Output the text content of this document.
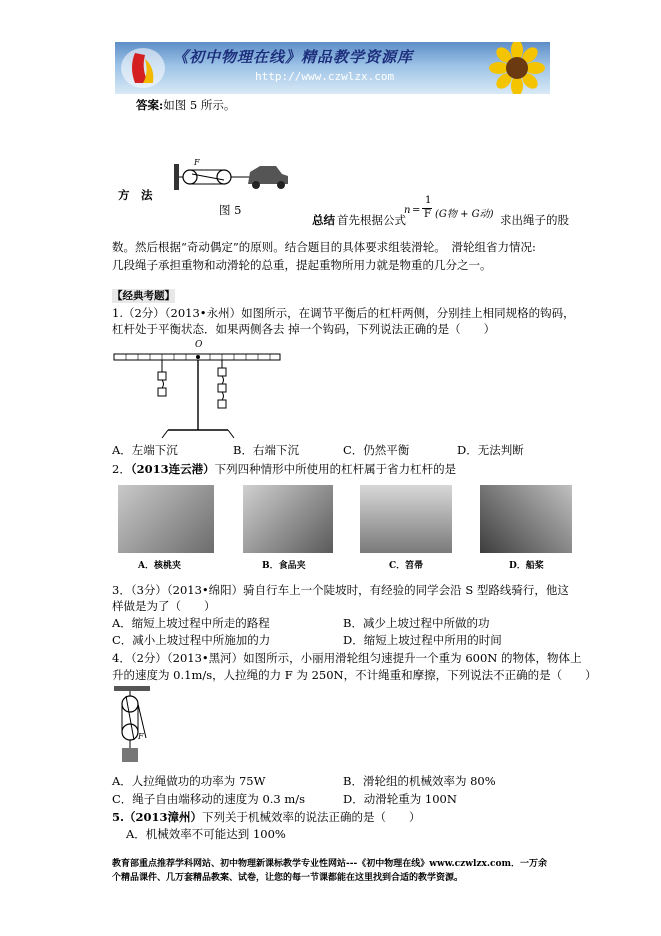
《初中物理在线》精品教学资源库
http://www.czwlzx.com
答案:如图 5 所示。
F
方　法
图 5
总结 首先根据公式
n =
1
F (G物 + G动) 求出绳子的股
数。然后根据“奇动偶定”的原则。结合题目的具体要求组装滑轮。　滑轮组省力情况:
几段绳子承担重物和动滑轮的总重，提起重物所用力就是物重的几分之一。
【经典考题】
1.（2分）（2013•永州）如图所示，在调节平衡后的杠杆两侧，分别挂上相同规格的钩码，
杠杆处于平衡状态．如果两侧各去 掉一个钩码，下列说法正确的是（　　）
O
A．左端下沉	B．右端下沉	C．仍然平衡	D．无法判断
2．（2013连云港）下列四种情形中所使用的杠杆属于省力杠杆的是
A．核桃夹	B．食品夹	C．笤帚	D．船桨
3．（3分）（2013•绵阳）骑自行车上一个陡坡时，有经验的同学会沿 S 型路线骑行，他这
样做是为了（　　）
A．缩短上坡过程中所走的路程	B．减少上坡过程中所做的功
C．减小上坡过程中所施加的力	D．缩短上坡过程中所用的时间
4．（2分）（2013•黑河）如图所示，小丽用滑轮组匀速提升一个重为 600N 的物体，物体上
升的速度为 0.1m/s，人拉绳的力 F 为 250N，不计绳重和摩擦，下列说法不正确的是（　　）
F
A．人拉绳做功的功率为 75W	B．滑轮组的机械效率为 80%
C．绳子自由端移动的速度为 0.3 m/s	D．动滑轮重为 100N
5.（2013漳州）下列关于机械效率的说法正确的是（　　）
A．机械效率不可能达到 100%
教育部重点推荐学科网站、初中物理新课标教学专业性网站---《初中物理在线》www.czwlzx.com．一万余
个精品课件、几万套精品教案、试卷，让您的每一节课都能在这里找到合适的教学资源。
